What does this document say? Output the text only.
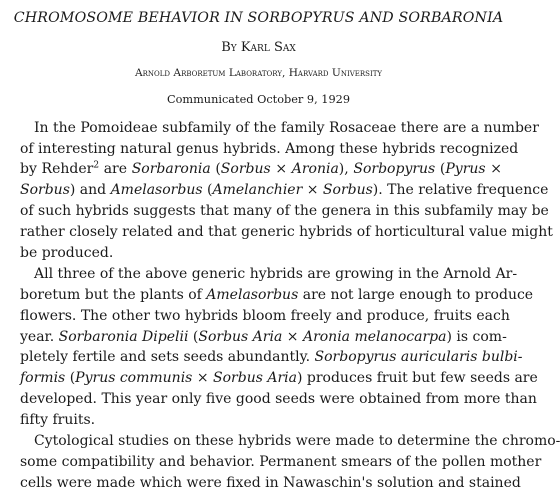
CHROMOSOME BEHAVIOR IN SORBOPYRUS AND SORBARONIA
By Karl Sax
Arnold Arboretum Laboratory, Harvard University
Communicated October 9, 1929
In the Pomoideae subfamily of the family Rosaceae there are a number
of interesting natural genus hybrids. Among these hybrids recognized
by Rehder$^2$ are Sorbaronia (Sorbus × Aronia), Sorbopyrus (Pyrus ×
Sorbus) and Amelasorbus (Amelanchier × Sorbus). The relative frequence
of such hybrids suggests that many of the genera in this subfamily may be
rather closely related and that generic hybrids of horticultural value might
be produced.
All three of the above generic hybrids are growing in the Arnold Ar-
boretum but the plants of Amelasorbus are not large enough to produce
flowers. The other two hybrids bloom freely and produce, fruits each
year. Sorbaronia Dipelii (Sorbus Aria × Aronia melanocarpa) is com-
pletely fertile and sets seeds abundantly. Sorbopyrus auricularis bulbi-
formis (Pyrus communis × Sorbus Aria) produces fruit but few seeds are
developed. This year only five good seeds were obtained from more than
fifty fruits.
Cytological studies on these hybrids were made to determine the chromo-
some compatibility and behavior. Permanent smears of the pollen mother
cells were made which were fixed in Nawaschin's solution and stained
